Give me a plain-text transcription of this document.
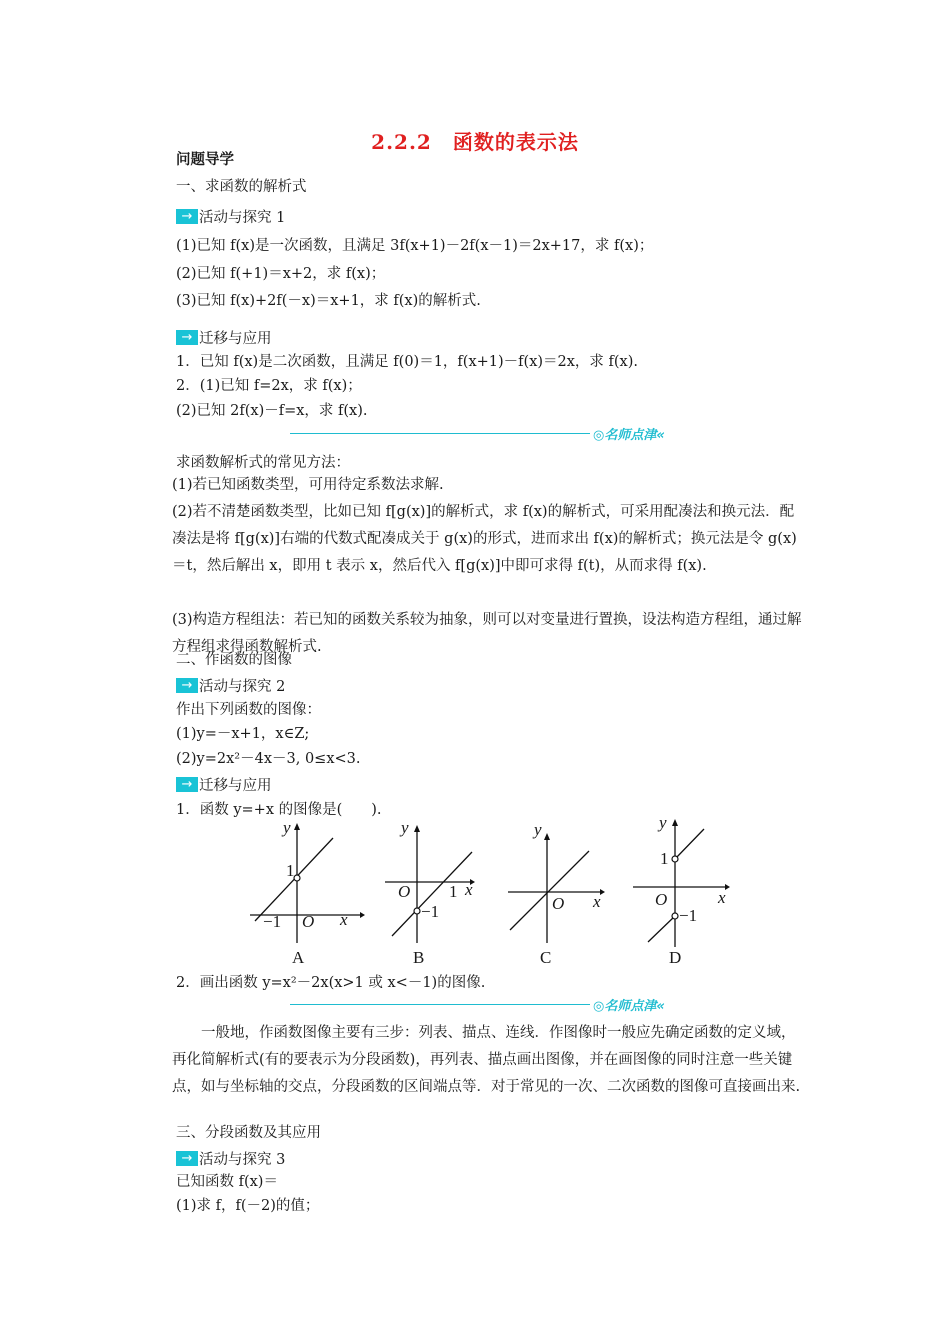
2.2.2　函数的表示法
问题导学
一、求函数的解析式
→ 活动与探究 1
(1)已知 f(x)是一次函数，且满足 3f(x+1)－2f(x－1)＝2x+17，求 f(x)；
(2)已知 f(+1)＝x+2，求 f(x)；
(3)已知 f(x)+2f(－x)＝x+1，求 f(x)的解析式.
→ 迁移与应用
1．已知 f(x)是二次函数，且满足 f(0)＝1，f(x+1)－f(x)＝2x，求 f(x).
2．(1)已知 f=2x，求 f(x)；
(2)已知 2f(x)－f=x，求 f(x).
◎名师点津«
求函数解析式的常见方法：
(1)若已知函数类型，可用待定系数法求解.
(2)若不清楚函数类型，比如已知 f[g(x)]的解析式，求 f(x)的解析式，可采用配凑法和换元法．配凑法是将 f[g(x)]右端的代数式配凑成关于 g(x)的形式，进而求出 f(x)的解析式；换元法是令 g(x)＝t，然后解出 x，即用 t 表示 x，然后代入 f[g(x)]中即可求得 f(t)，从而求得 f(x).
(3)构造方程组法：若已知的函数关系较为抽象，则可以对变量进行置换，设法构造方程组，通过解方程组求得函数解析式.
二、作函数的图像
→ 活动与探究 2
作出下列函数的图像：
(1)y=－x+1，x∈Z;
(2)y=2x²－4x－3, 0≤x<3.
→ 迁移与应用
1．函数 y=+x 的图像是(　　).
y
1
−1 O x
A
y
O 1 x
−1
B
y
O x
C
y
1
O	x
−1
D
2．画出函数 y=x²－2x(x>1 或 x<－1)的图像.
◎名师点津«
一般地，作函数图像主要有三步：列表、描点、连线．作图像时一般应先确定函数的定义域，再化简解析式(有的要表示为分段函数)，再列表、描点画出图像，并在画图像的同时注意一些关键点，如与坐标轴的交点，分段函数的区间端点等．对于常见的一次、二次函数的图像可直接画出来.
三、分段函数及其应用
→ 活动与探究 3
已知函数 f(x)＝
(1)求 f，f(－2)的值；
